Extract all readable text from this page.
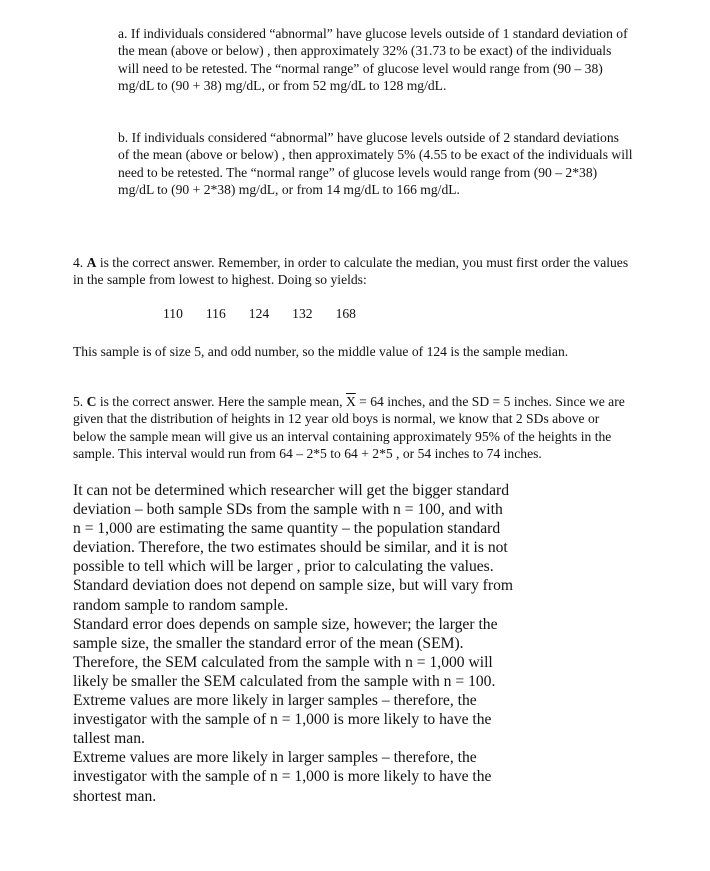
a. If individuals considered “abnormal” have glucose levels outside of 1 standard deviation of the mean (above or below) , then approximately 32% (31.73 to be exact) of the individuals will need to be retested. The “normal range” of glucose level would range from (90 – 38) mg/dL to (90 + 38) mg/dL, or from 52 mg/dL to 128 mg/dL.

b. If individuals considered “abnormal” have glucose levels outside of 2 standard deviations of the mean (above or below) , then approximately 5% (4.55 to be exact of the individuals will need to be retested. The “normal range” of glucose levels would range from (90 – 2*38) mg/dL to (90 + 2*38) mg/dL, or from 14 mg/dL to 166 mg/dL.

4. A is the correct answer. Remember, in order to calculate the median, you must first order the values in the sample from lowest to highest. Doing so yields:

110 116 124 132 168

This sample is of size 5, and odd number, so the middle value of 124 is the sample median.

5. C is the correct answer. Here the sample mean, $\overline{X} = 64$ inches, and the SD = 5 inches. Since we are given that the distribution of heights in 12 year old boys is normal, we know that 2 SDs above or below the sample mean will give us an interval containing approximately 95% of the heights in the sample. This interval would run from 64 – 2*5 to 64 + 2*5 , or 54 inches to 74 inches.

It can not be determined which researcher will get the bigger standard deviation – both sample SDs from the sample with n = 100, and with n = 1,000 are estimating the same quantity – the population standard deviation. Therefore, the two estimates should be similar, and it is not possible to tell which will be larger , prior to calculating the values. Standard deviation does not depend on sample size, but will vary from random sample to random sample.

Standard error does depends on sample size, however; the larger the sample size, the smaller the standard error of the mean (SEM). Therefore, the SEM calculated from the sample with n = 1,000 will likely be smaller the SEM calculated from the sample with n = 100.

Extreme values are more likely in larger samples – therefore, the investigator with the sample of n = 1,000 is more likely to have the tallest man.

Extreme values are more likely in larger samples – therefore, the investigator with the sample of n = 1,000 is more likely to have the shortest man.
